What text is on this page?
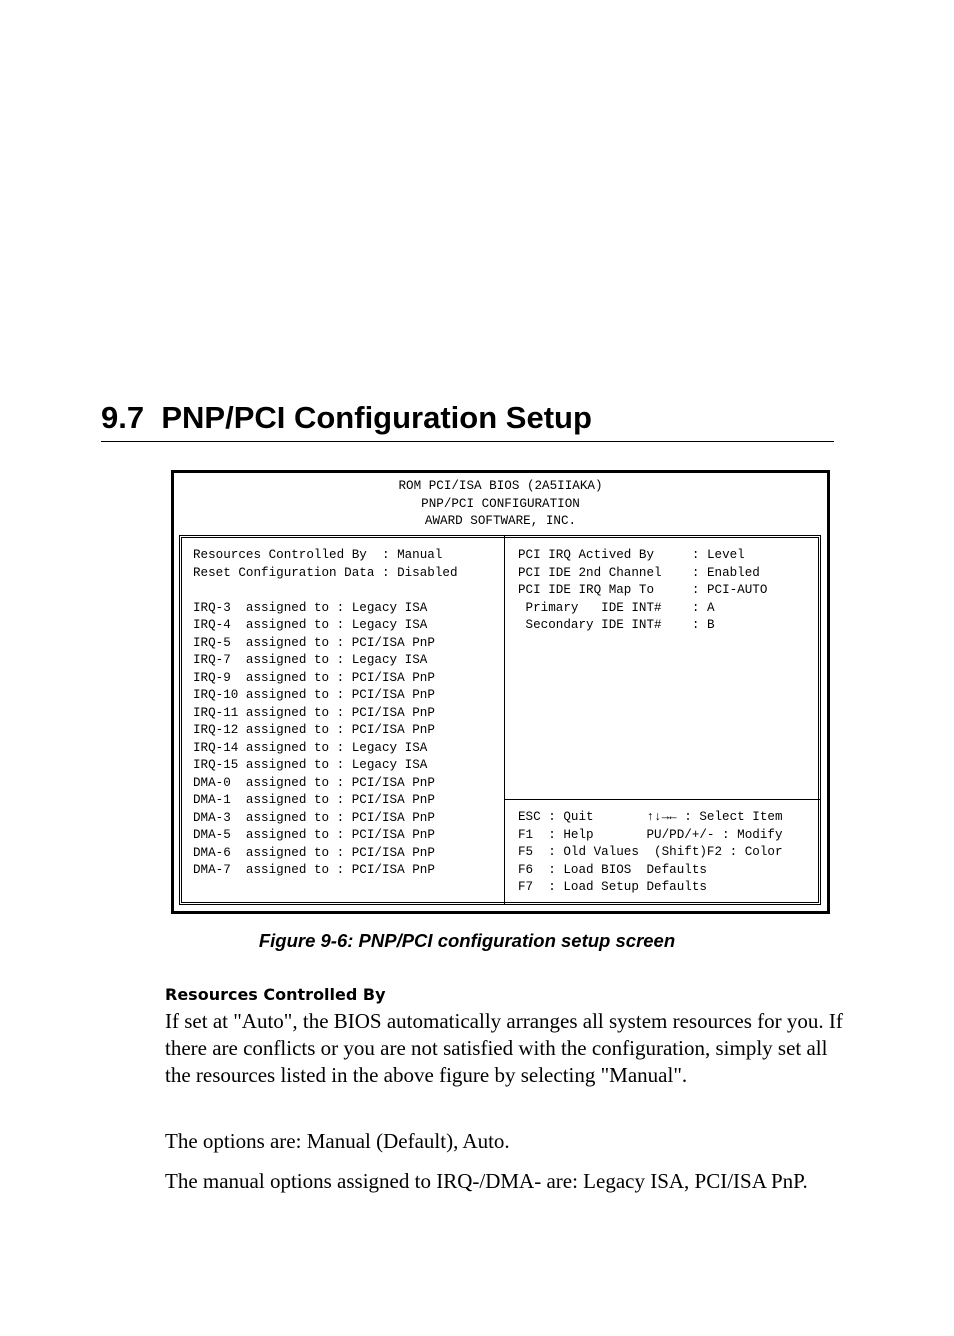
9.7 PNP/PCI Configuration Setup
ROM PCI/ISA BIOS (2A5IIAKA)
PNP/PCI CONFIGURATION
AWARD SOFTWARE, INC.
Resources Controlled By  : Manual
Reset Configuration Data : Disabled
IRQ-3  assigned to : Legacy ISA
IRQ-4  assigned to : Legacy ISA
IRQ-5  assigned to : PCI/ISA PnP
IRQ-7  assigned to : Legacy ISA
IRQ-9  assigned to : PCI/ISA PnP
IRQ-10 assigned to : PCI/ISA PnP
IRQ-11 assigned to : PCI/ISA PnP
IRQ-12 assigned to : PCI/ISA PnP
IRQ-14 assigned to : Legacy ISA
IRQ-15 assigned to : Legacy ISA
DMA-0  assigned to : PCI/ISA PnP
DMA-1  assigned to : PCI/ISA PnP
DMA-3  assigned to : PCI/ISA PnP
DMA-5  assigned to : PCI/ISA PnP
DMA-6  assigned to : PCI/ISA PnP
DMA-7  assigned to : PCI/ISA PnP
PCI IRQ Actived By     : Level
PCI IDE 2nd Channel    : Enabled
PCI IDE IRQ Map To     : PCI-AUTO
Primary   IDE INT#    : A
Secondary IDE INT#    : B
ESC : Quit       ↑↓→← : Select Item
F1  : Help       PU/PD/+/- : Modify
F5  : Old Values  (Shift)F2 : Color
F6  : Load BIOS  Defaults
F7  : Load Setup Defaults
Figure 9-6: PNP/PCI configuration setup screen
Resources Controlled By

If set at "Auto", the BIOS automatically arranges all system resources for you. If there are conflicts or you are not satisfied with the configuration, simply set all the resources listed in the above figure by selecting "Manual".

The options are: Manual (Default), Auto.

The manual options assigned to IRQ-/DMA- are: Legacy ISA, PCI/ISA PnP.
